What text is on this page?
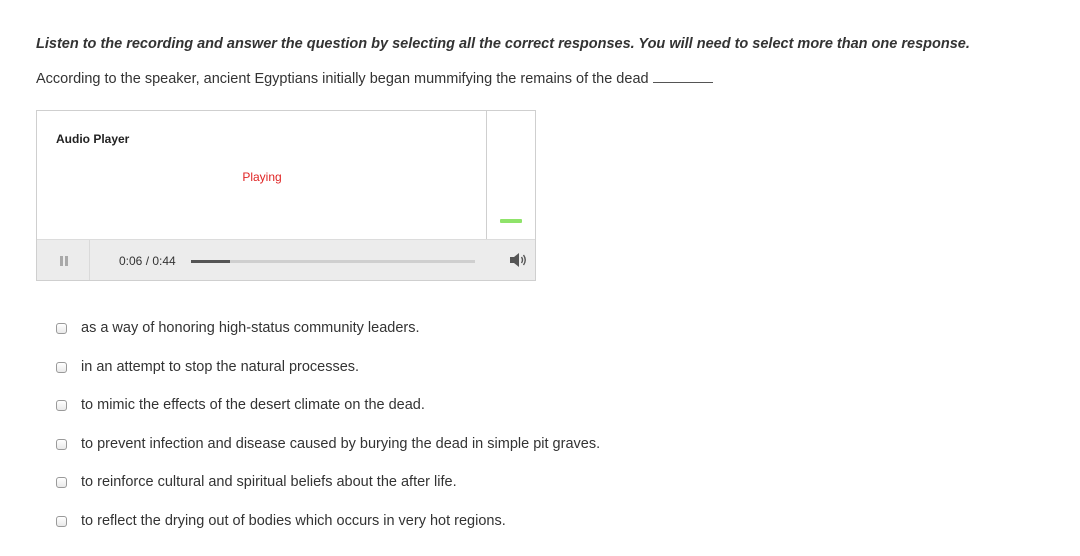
Listen to the recording and answer the question by selecting all the correct responses. You will need to select more than one response.
According to the speaker, ancient Egyptians initially began mummifying the remains of the dead
Audio Player
Playing
0:06 / 0:44
as a way of honoring high-status community leaders.
in an attempt to stop the natural processes.
to mimic the effects of the desert climate on the dead.
to prevent infection and disease caused by burying the dead in simple pit graves.
to reinforce cultural and spiritual beliefs about the after life.
to reflect the drying out of bodies which occurs in very hot regions.
